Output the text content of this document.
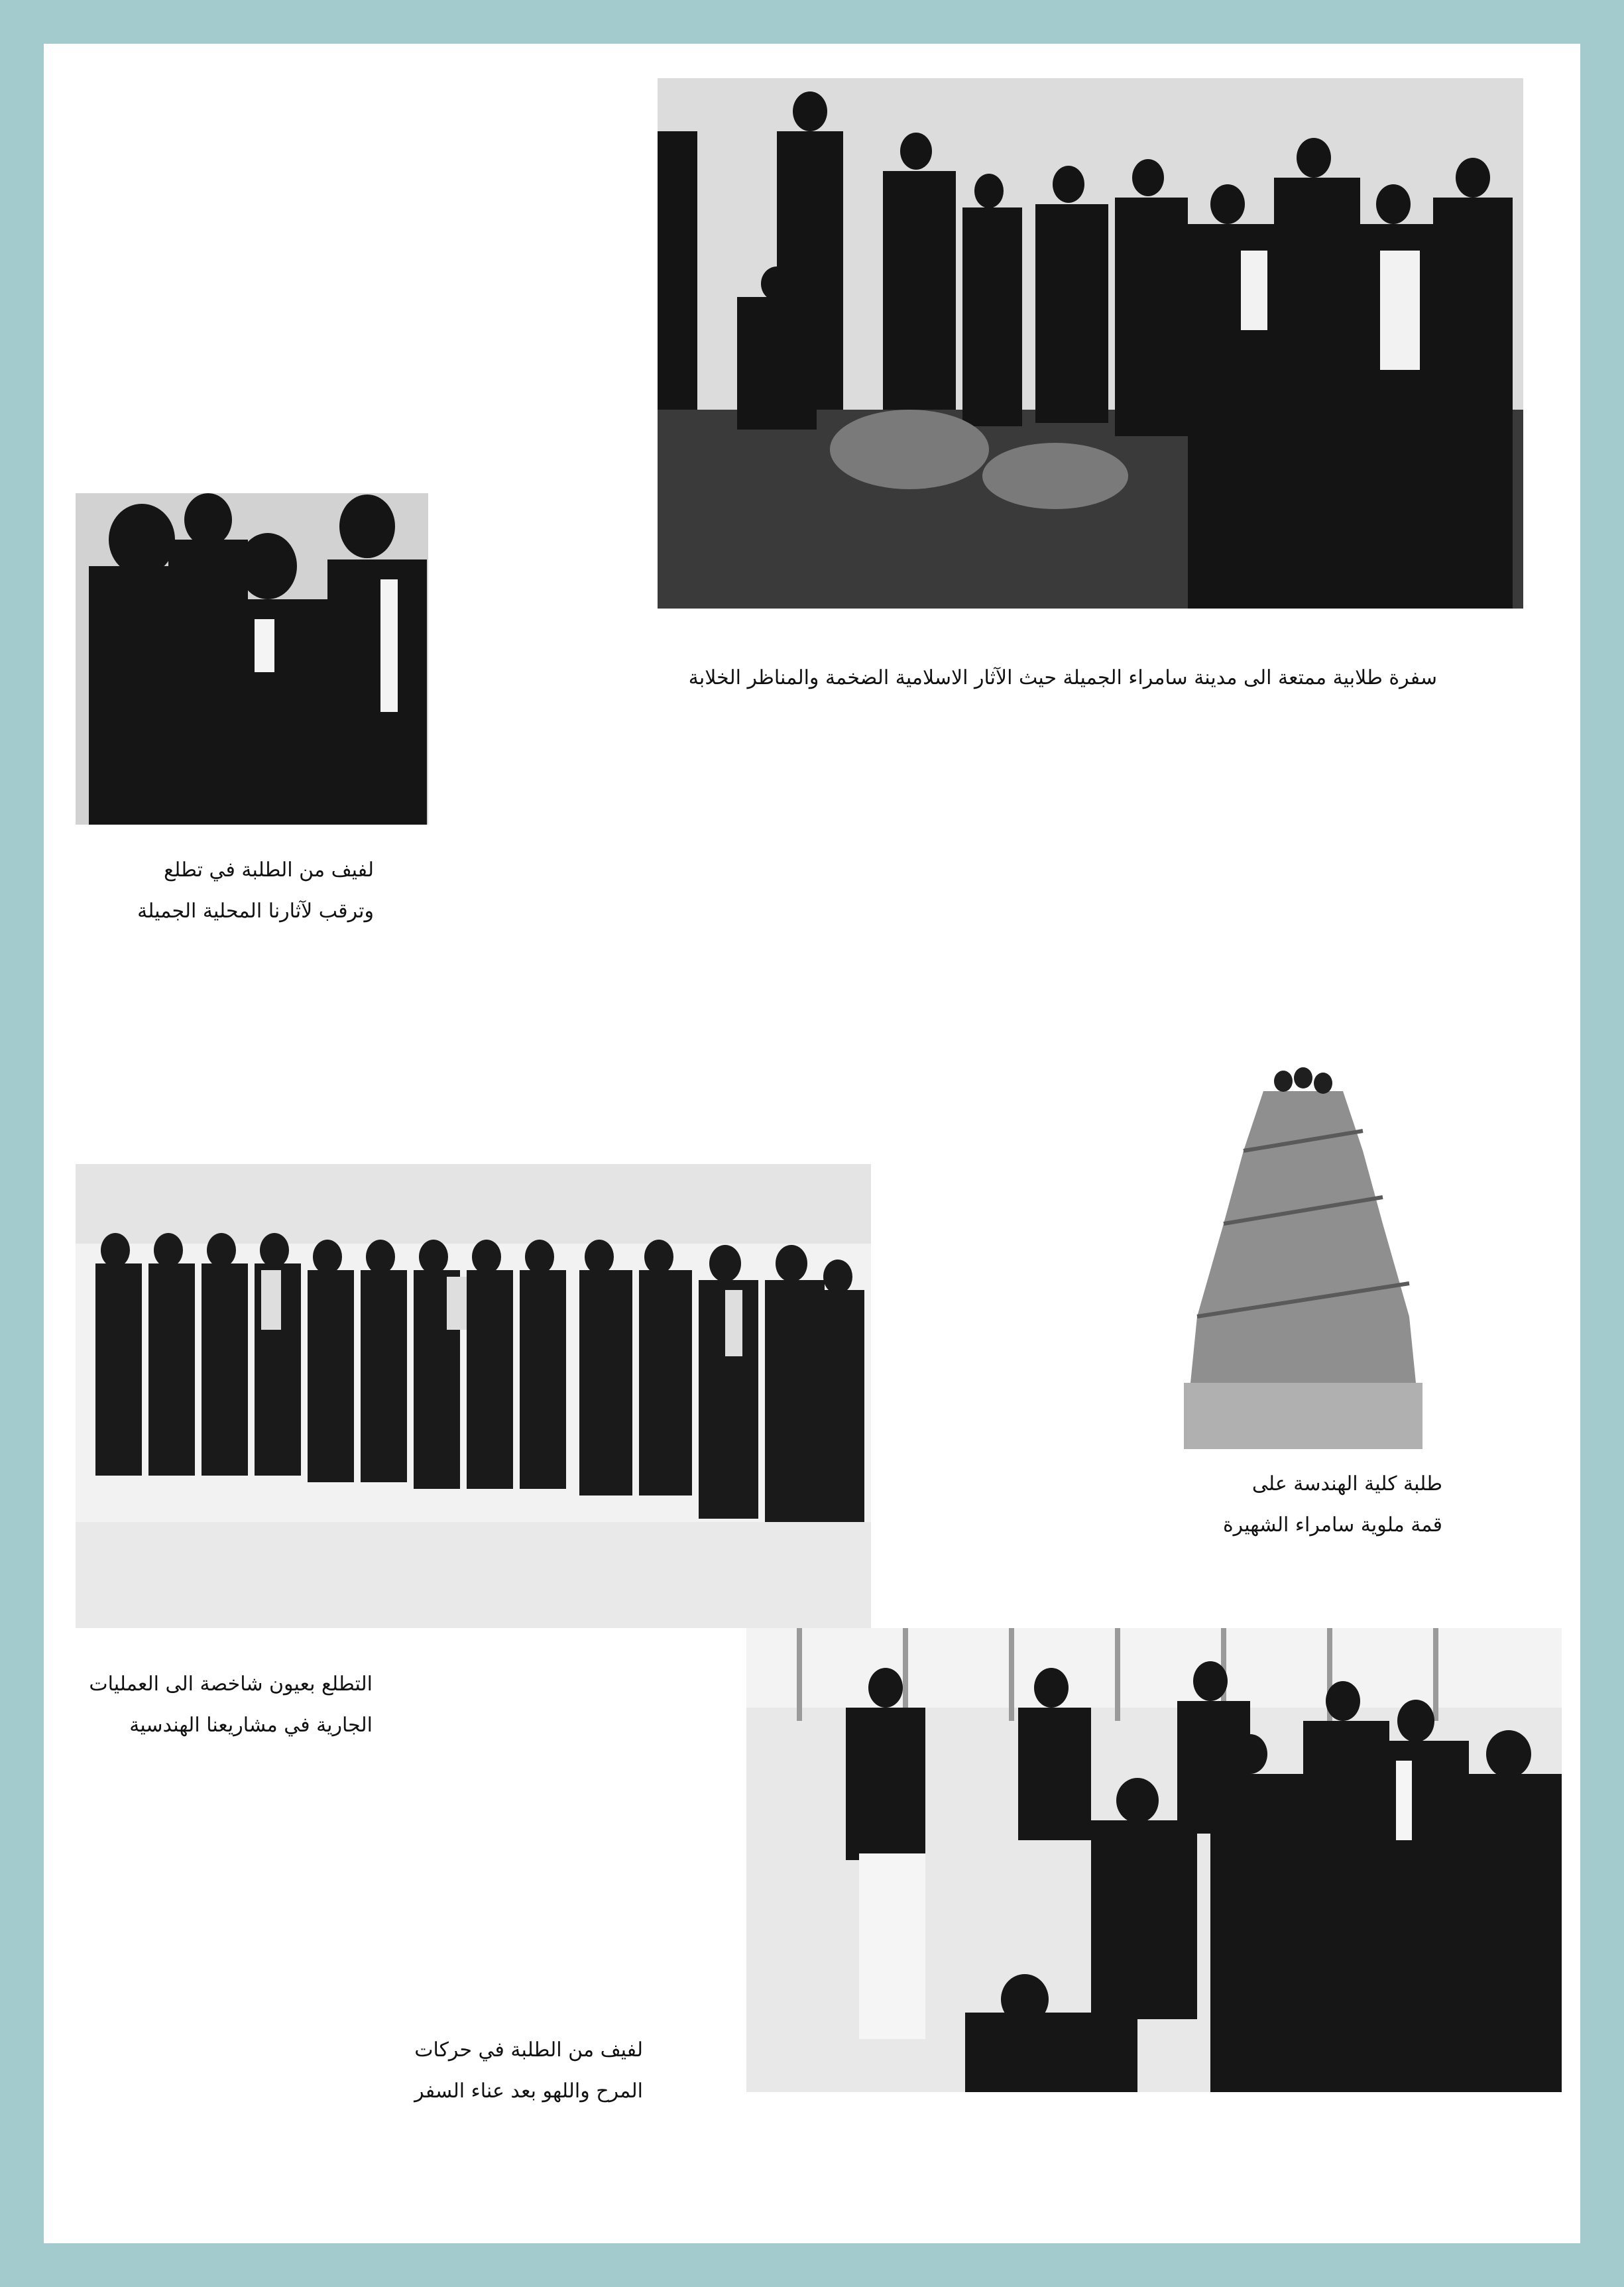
سفرة طلابية ممتعة الى مدينة سامراء الجميلة حيث الآثار الاسلامية الضخمة والمناظر الخلابة
لفيف من الطلبة في تطلع
وترقب لآثارنا المحلية الجميلة
طلبة كلية الهندسة على
قمة ملوية سامراء الشهيرة
التطلع بعيون شاخصة الى العمليات
الجارية في مشاريعنا الهندسية
لفيف من الطلبة في حركات
المرح واللهو بعد عناء السفر
